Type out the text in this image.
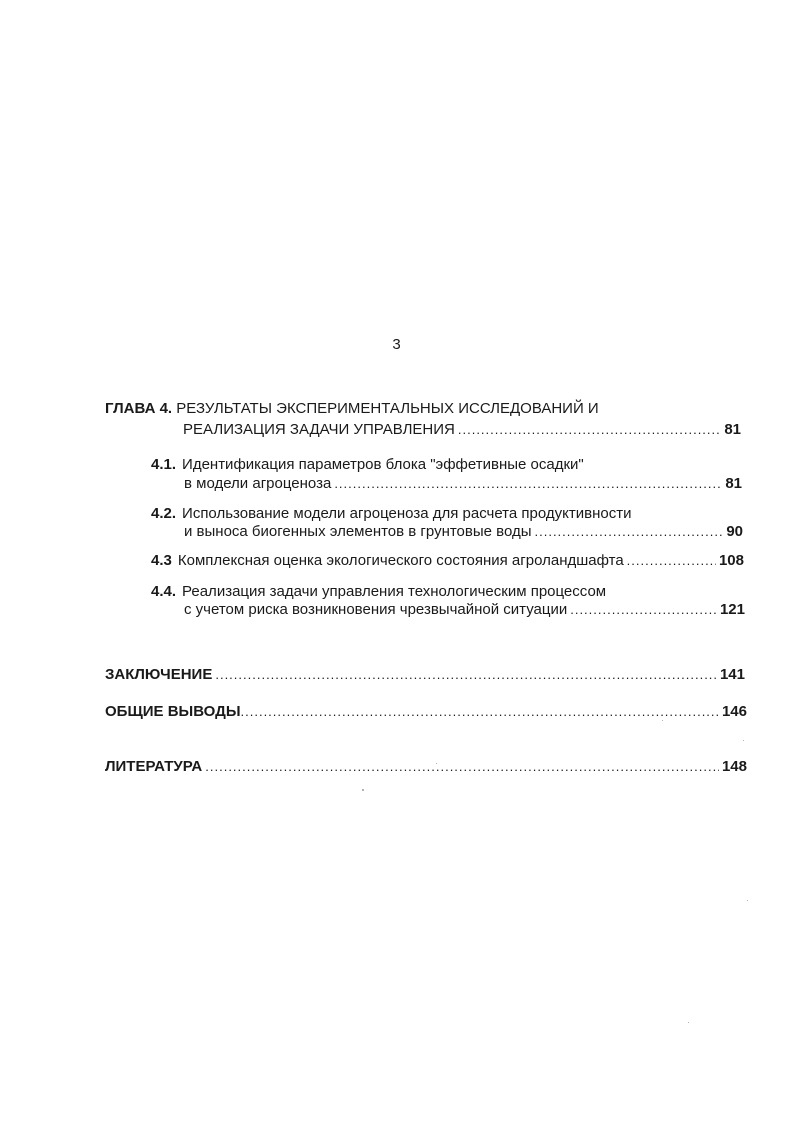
3
ГЛАВА 4. РЕЗУЛЬТАТЫ ЭКСПЕРИМЕНТАЛЬНЫХ ИССЛЕДОВАНИЙ И
РЕАЛИЗАЦИЯ ЗАДАЧИ УПРАВЛЕНИЯ .....	81
4.1. Идентификация параметров блока "эффетивные осадки"
в модели агроценоза .....	81
4.2. Использование модели агроценоза для расчета продуктивности
и выноса биогенных элементов в грунтовые воды .....	90
4.3 Комплексная оценка экологического состояния агроландшафта .....	108
4.4. Реализация задачи управления технологическим процессом
с учетом риска возникновения чрезвычайной ситуации .....	121
ЗАКЛЮЧЕНИЕ .....	141
ОБЩИЕ ВЫВОДЫ .....	146
ЛИТЕРАТУРА .....	148
